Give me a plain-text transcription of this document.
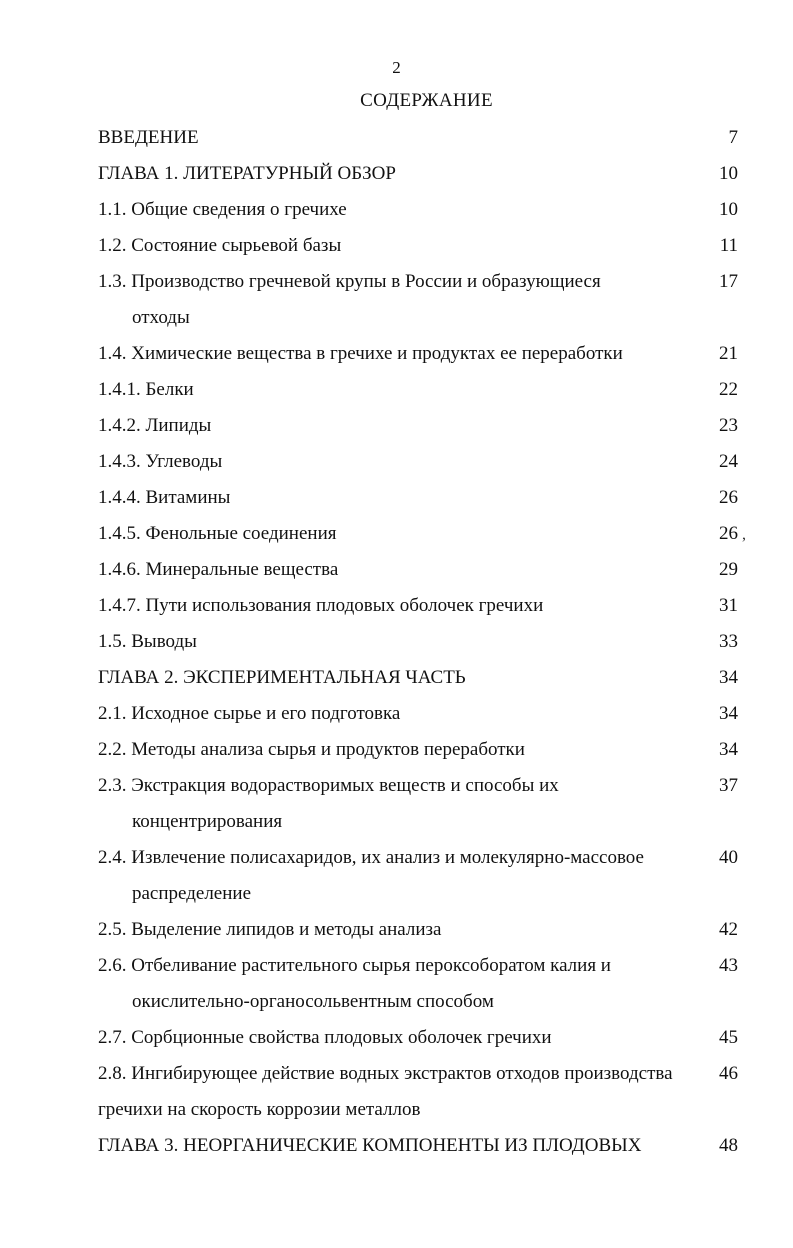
2
СОДЕРЖАНИЕ
ВВЕДЕНИЕ	7
ГЛАВА 1. ЛИТЕРАТУРНЫЙ ОБЗОР	10
1.1. Общие сведения о гречихе	10
1.2. Состояние сырьевой базы	11
1.3. Производство гречневой крупы в России и образующиеся	17
отходы
1.4. Химические вещества в гречихе и продуктах ее переработки	21
1.4.1. Белки	22
1.4.2. Липиды	23
1.4.3. Углеводы	24
1.4.4. Витамины	26
1.4.5. Фенольные соединения	26 ,
1.4.6. Минеральные вещества	29
1.4.7. Пути использования плодовых оболочек гречихи	31
1.5. Выводы	33
ГЛАВА 2. ЭКСПЕРИМЕНТАЛЬНАЯ ЧАСТЬ	34
2.1. Исходное сырье и его подготовка	34
2.2. Методы анализа сырья и продуктов переработки	34
2.3. Экстракция водорастворимых веществ и способы их	37
концентрирования
2.4. Извлечение полисахаридов, их анализ и молекулярно-массовое	40
распределение
2.5. Выделение липидов и методы анализа	42
2.6. Отбеливание растительного сырья пероксоборатом калия и	43
окислительно-органосольвентным способом
2.7. Сорбционные свойства плодовых оболочек гречихи	45
2.8. Ингибирующее действие водных экстрактов отходов производства	46
гречихи на скорость коррозии металлов
ГЛАВА 3. НЕОРГАНИЧЕСКИЕ КОМПОНЕНТЫ ИЗ ПЛОДОВЫХ	48
